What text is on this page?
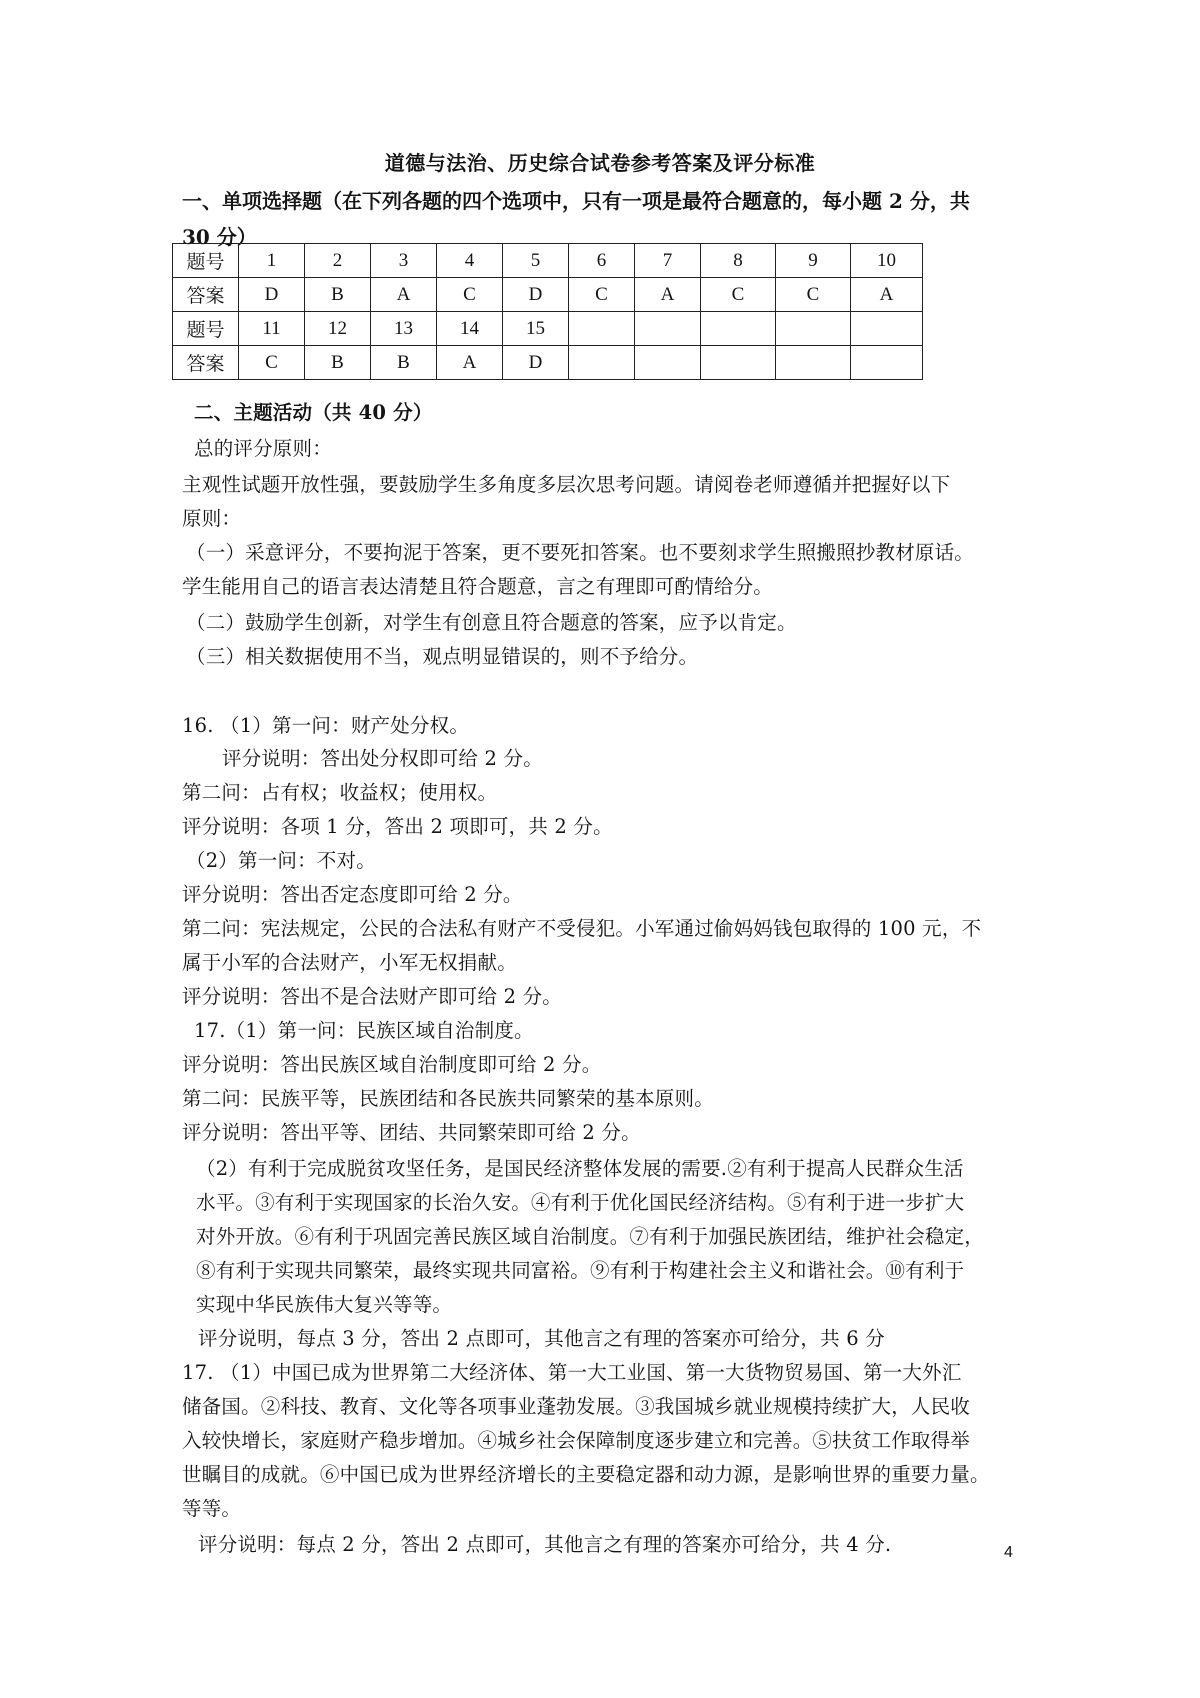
道德与法治、历史综合试卷参考答案及评分标准
一、单项选择题（在下列各题的四个选项中，只有一项是最符合题意的，每小题 2 分，共
30 分）
题号	1	2	3	4	5	6	7	8	9	10
答案	D	B	A	C	D	C	A	C	C	A
题号	11	12	13	14	15					
答案	C	B	B	A	D					
二、主题活动（共 40 分）
总的评分原则：
主观性试题开放性强，要鼓励学生多角度多层次思考问题。请阅卷老师遵循并把握好以下
原则：
（一）采意评分，不要拘泥于答案，更不要死扣答案。也不要刻求学生照搬照抄教材原话。
学生能用自己的语言表达清楚且符合题意，言之有理即可酌情给分。
（二）鼓励学生创新，对学生有创意且符合题意的答案，应予以肯定。
（三）相关数据使用不当，观点明显错误的，则不予给分。
16. （1）第一问：财产处分权。
评分说明：答出处分权即可给 2 分。
第二问：占有权；收益权；使用权。
评分说明：各项 1 分，答出 2 项即可，共 2 分。
（2）第一问：不对。
评分说明：答出否定态度即可给 2 分。
第二问：宪法规定，公民的合法私有财产不受侵犯。小军通过偷妈妈钱包取得的 100 元，不
属于小军的合法财产，小军无权捐献。
评分说明：答出不是合法财产即可给 2 分。
17.（1）第一问：民族区域自治制度。
评分说明：答出民族区域自治制度即可给 2 分。
第二问：民族平等，民族团结和各民族共同繁荣的基本原则。
评分说明：答出平等、团结、共同繁荣即可给 2 分。
（2）有利于完成脱贫攻坚任务，是国民经济整体发展的需要.②有利于提高人民群众生活
水平。③有利于实现国家的长治久安。④有利于优化国民经济结构。⑤有利于进一步扩大
对外开放。⑥有利于巩固完善民族区域自治制度。⑦有利于加强民族团结，维护社会稳定，
⑧有利于实现共同繁荣，最终实现共同富裕。⑨有利于构建社会主义和谐社会。⑩有利于
实现中华民族伟大复兴等等。
评分说明，每点 3 分，答出 2 点即可，其他言之有理的答案亦可给分，共 6 分
17. （1）中国已成为世界第二大经济体、第一大工业国、第一大货物贸易国、第一大外汇
储备国。②科技、教育、文化等各项事业蓬勃发展。③我国城乡就业规模持续扩大，人民收
入较快增长，家庭财产稳步增加。④城乡社会保障制度逐步建立和完善。⑤扶贫工作取得举
世瞩目的成就。⑥中国已成为世界经济增长的主要稳定器和动力源，是影响世界的重要力量。
等等。
评分说明：每点 2 分，答出 2 点即可，其他言之有理的答案亦可给分，共 4 分.	4
